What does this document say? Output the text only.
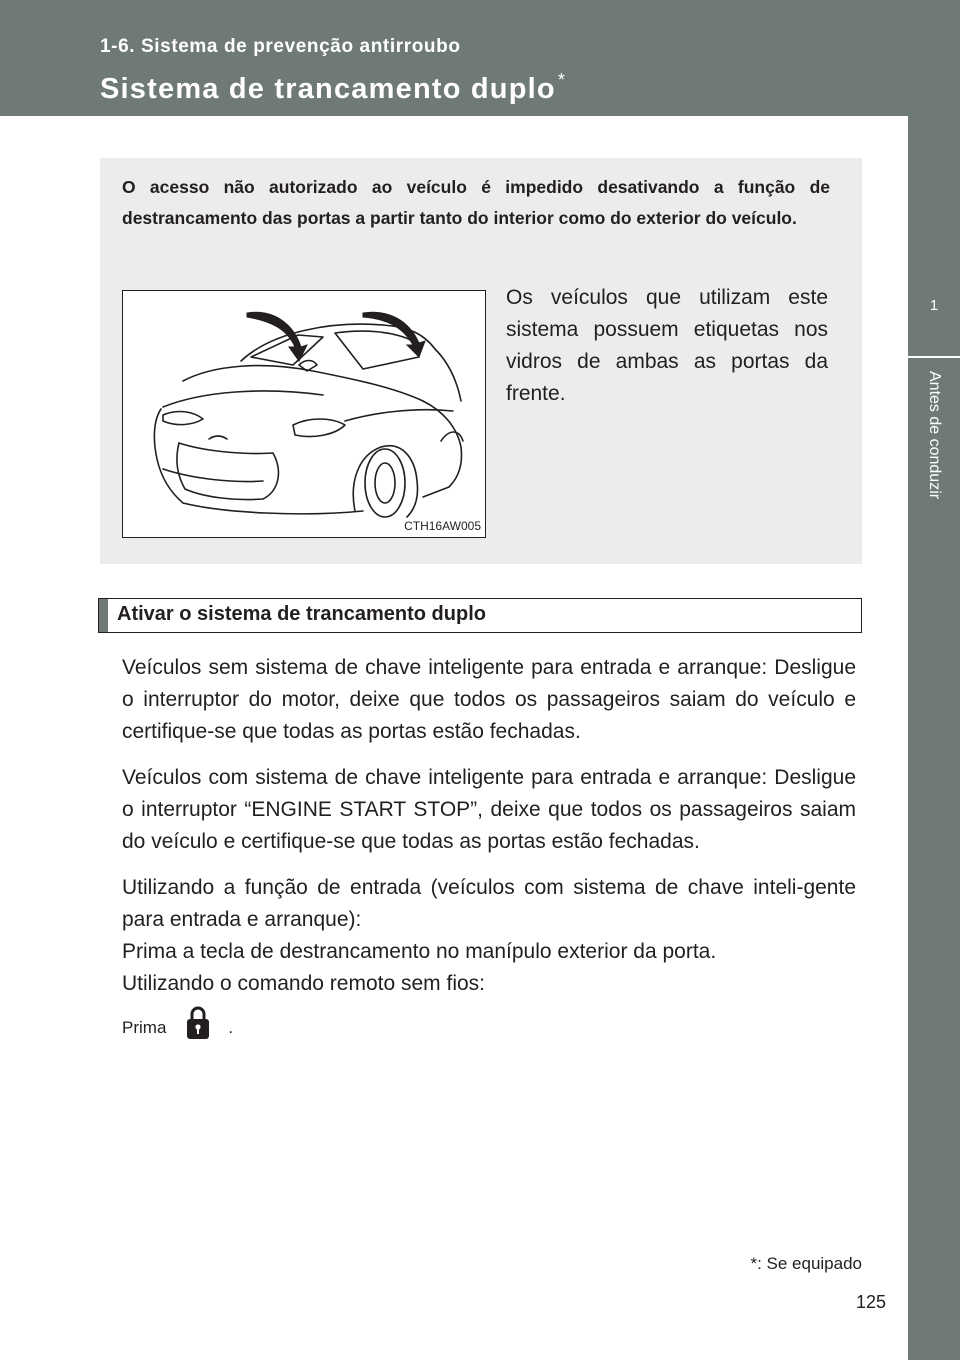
1-6. Sistema de prevenção antirroubo
Sistema de trancamento duplo *
1
Antes de conduzir
O acesso não autorizado ao veículo é impedido desativando a função de destrancamento das portas a partir tanto do interior como do exterior do veículo.
CTH16AW005
Os veículos que utilizam este sistema possuem etiquetas nos vidros de ambas as portas da frente.
Ativar o sistema de trancamento duplo

Veículos sem sistema de chave inteligente para entrada e arranque: Desligue o interruptor do motor, deixe que todos os passageiros saiam do veículo e certifique-se que todas as portas estão fechadas.

Veículos com sistema de chave inteligente para entrada e arranque: Desligue o interruptor “ENGINE START STOP”, deixe que todos os passageiros saiam do veículo e certifique-se que todas as portas estão fechadas.

Utilizando a função de entrada (veículos com sistema de chave inteli-gente para entrada e arranque):

Prima a tecla de destrancamento no manípulo exterior da porta.

Utilizando o comando remoto sem fios:

Prima	.
*: Se equipado
125
